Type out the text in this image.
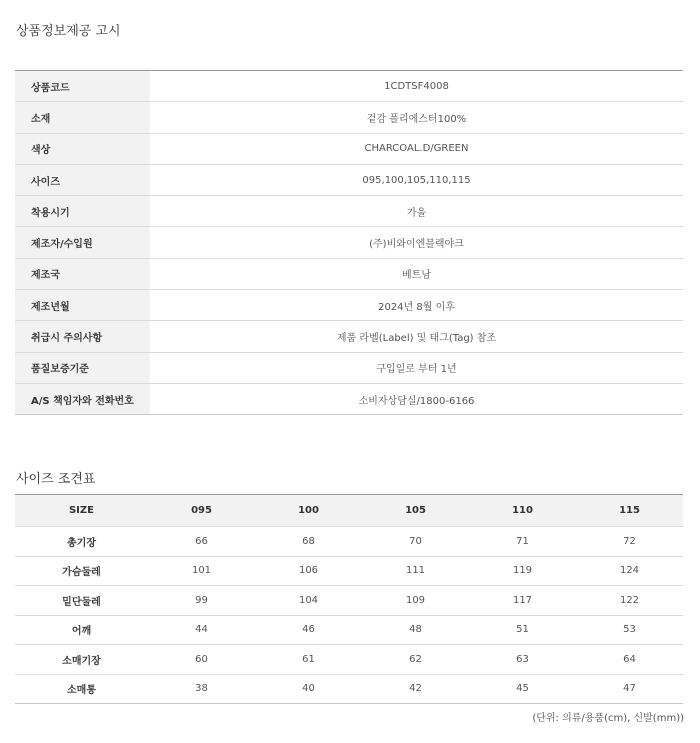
상품정보제공 고시
상품코드	1CDTSF4008
소재	겉감 폴리에스터100%
색상	CHARCOAL.D/GREEN
사이즈	095,100,105,110,115
착용시기	가을
제조자/수입원	(주)비와이엔블랙야크
제조국	베트남
제조년월	2024년 8월 이후
취급시 주의사항	제품 라벨(Label) 및 태그(Tag) 참조
품질보증기준	구입일로 부터 1년
A/S 책임자와 전화번호	소비자상담실/1800-6166
사이즈 조견표
SIZE	095	100	105	110	115
총기장	66	68	70	71	72
가슴둘레	101	106	111	119	124
밑단둘레	99	104	109	117	122
어깨	44	46	48	51	53
소매기장	60	61	62	63	64
소매통	38	40	42	45	47
(단위: 의류/용품(cm), 신발(mm))
